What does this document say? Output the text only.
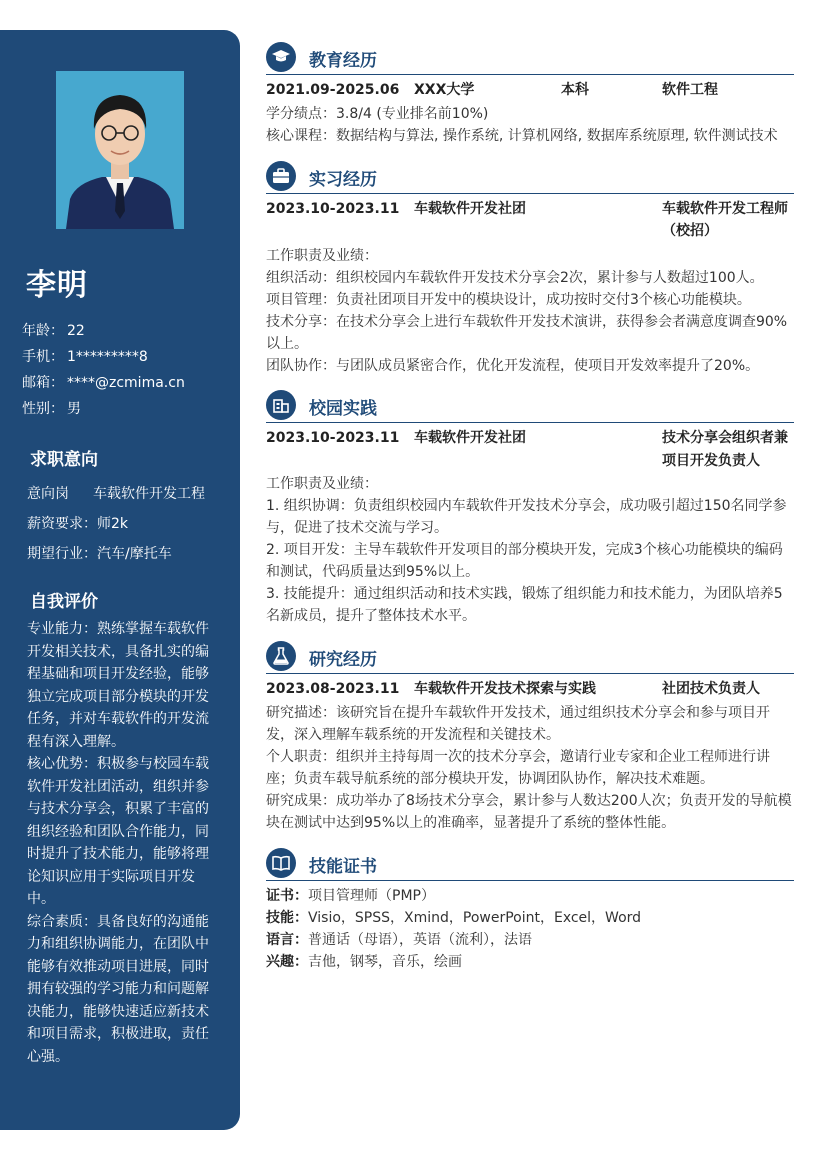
李明
年龄： 22
手机： 1*********8
邮箱： ****@zcmima.cn
性别： 男
求职意向
意向岗	车载软件开发工程
薪资要求： 师2k
期望行业： 汽车/摩托车
自我评价

专业能力：熟练掌握车载软件开发相关技术，具备扎实的编程基础和项目开发经验，能够独立完成项目部分模块的开发任务，并对车载软件的开发流程有深入理解。

核心优势：积极参与校园车载软件开发社团活动，组织并参与技术分享会，积累了丰富的组织经验和团队合作能力，同时提升了技术能力，能够将理论知识应用于实际项目开发中。

综合素质：具备良好的沟通能力和组织协调能力，在团队中能够有效推动项目进展，同时拥有较强的学习能力和问题解决能力，能够快速适应新技术和项目需求，积极进取，责任心强。

教育经历
2021.09-2025.06 XXX大学	本科	软件工程
学分绩点：3.8/4 (专业排名前10%)
核心课程：数据结构与算法, 操作系统, 计算机网络, 数据库系统原理, 软件测试技术
实习经历
2023.10-2023.11 车载软件开发社团	车载软件开发工程师
（校招）

工作职责及业绩：

组织活动：组织校园内车载软件开发技术分享会2次，累计参与人数超过100人。

项目管理：负责社团项目开发中的模块设计，成功按时交付3个核心功能模块。

技术分享：在技术分享会上进行车载软件开发技术演讲，获得参会者满意度调查90%以上。

团队协作：与团队成员紧密合作，优化开发流程，使项目开发效率提升了20%。

校园实践
2023.10-2023.11 车载软件开发社团	技术分享会组织者兼
项目开发负责人

工作职责及业绩：

1. 组织协调：负责组织校园内车载软件开发技术分享会，成功吸引超过150名同学参与，促进了技术交流与学习。

2. 项目开发：主导车载软件开发项目的部分模块开发，完成3个核心功能模块的编码和测试，代码质量达到95%以上。

3. 技能提升：通过组织活动和技术实践，锻炼了组织能力和技术能力，为团队培养5名新成员，提升了整体技术水平。

研究经历
2023.08-2023.11 车载软件开发技术探索与实践	社团技术负责人

研究描述：该研究旨在提升车载软件开发技术，通过组织技术分享会和参与项目开发，深入理解车载系统的开发流程和关键技术。

个人职责：组织并主持每周一次的技术分享会，邀请行业专家和企业工程师进行讲座；负责车载导航系统的部分模块开发，协调团队协作，解决技术难题。

研究成果：成功举办了8场技术分享会，累计参与人数达200人次；负责开发的导航模块在测试中达到95%以上的准确率，显著提升了系统的整体性能。

技能证书
证书：项目管理师（PMP）
技能：Visio，SPSS，Xmind，PowerPoint，Excel，Word
语言：普通话（母语），英语（流利），法语
兴趣：吉他，钢琴，音乐，绘画
